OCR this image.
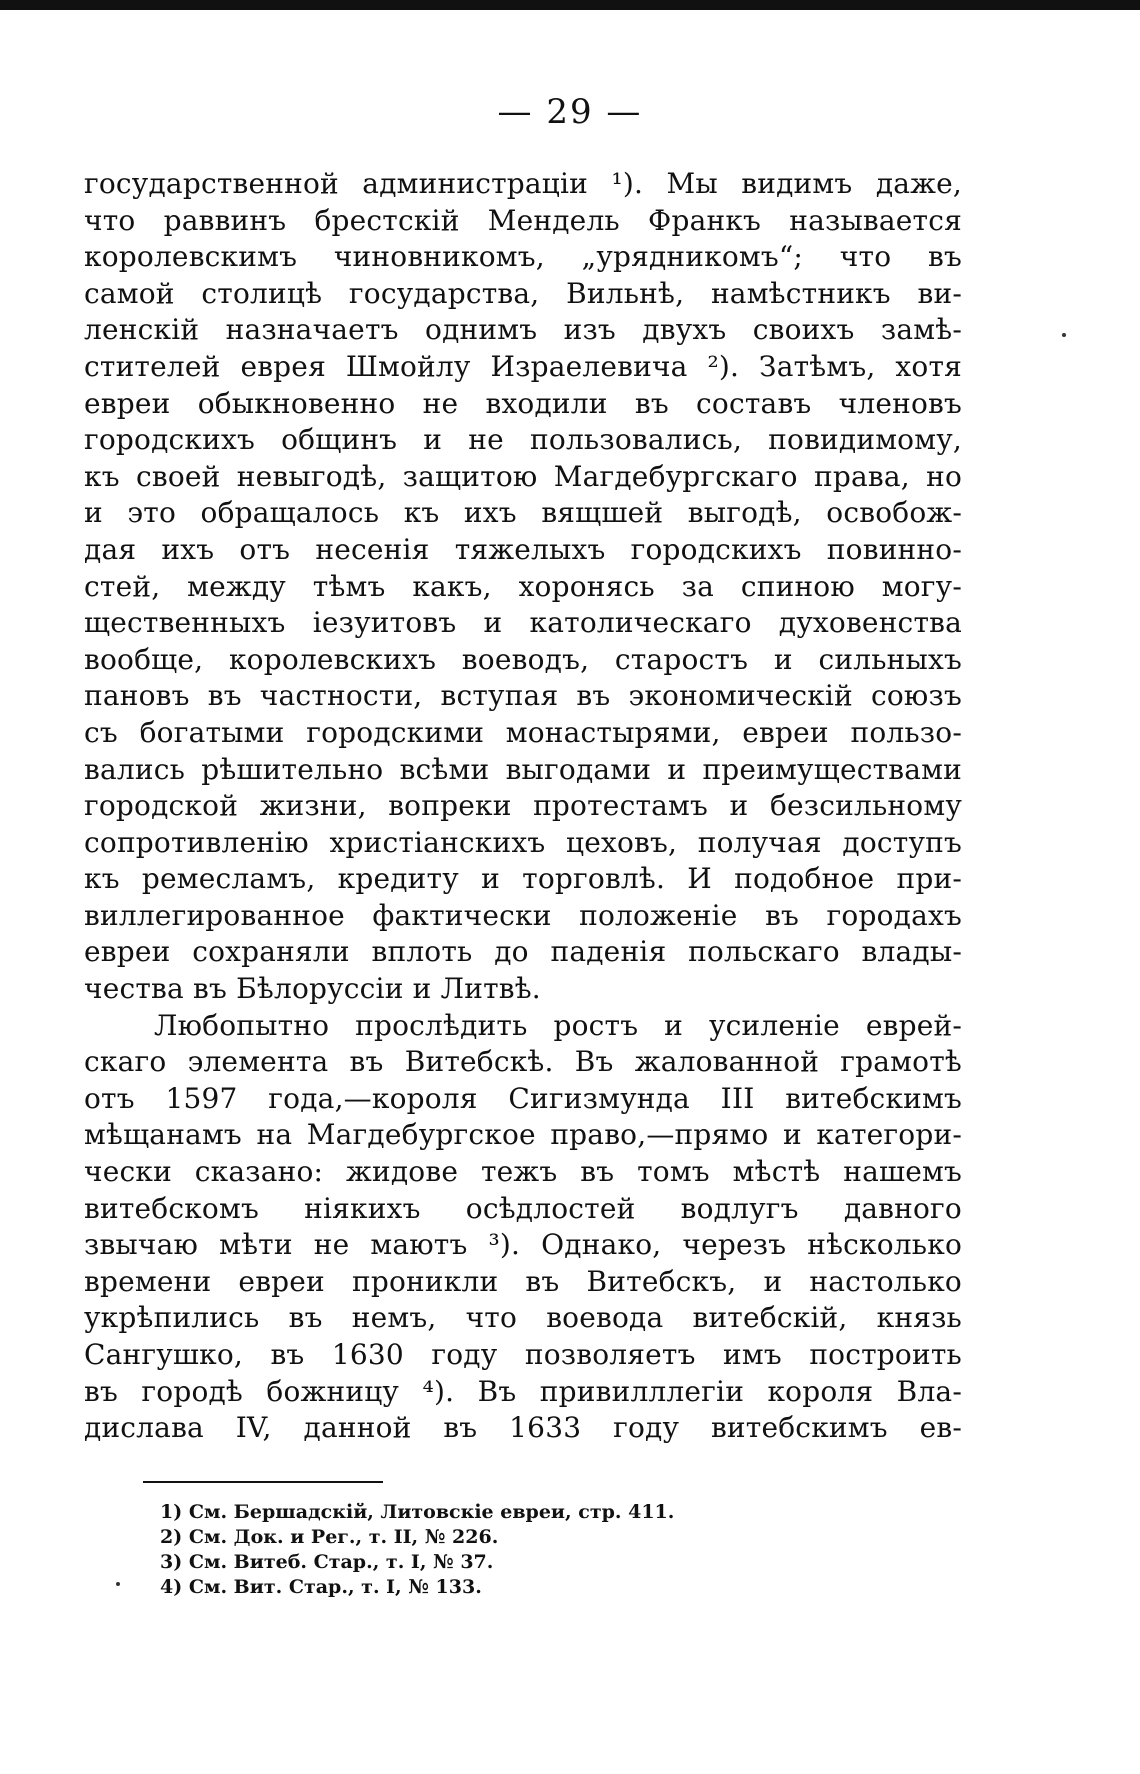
— 29 —
государственной администраціи ¹). Мы видимъ даже,
что раввинъ брестскій Мендель Франкъ называется
королевскимъ чиновникомъ, „урядникомъ“; что въ
самой столицѣ государства, Вильнѣ, намѣстникъ ви-
ленскій назначаетъ однимъ изъ двухъ своихъ замѣ-
стителей еврея Шмойлу Израелевича ²). Затѣмъ, хотя
евреи обыкновенно не входили въ составъ членовъ
городскихъ общинъ и не пользовались, повидимому,
къ своей невыгодѣ, защитою Магдебургскаго права, но
и это обращалось къ ихъ вящшей выгодѣ, освобож-
дая ихъ отъ несенія тяжелыхъ городскихъ повинно-
стей, между тѣмъ какъ, хоронясь за спиною могу-
щественныхъ іезуитовъ и католическаго духовенства
вообще, королевскихъ воеводъ, старостъ и сильныхъ
пановъ въ частности, вступая въ экономическій союзъ
съ богатыми городскими монастырями, евреи пользо-
вались рѣшительно всѣми выгодами и преимуществами
городской жизни, вопреки протестамъ и безсильному
сопротивленію христіанскихъ цеховъ, получая доступъ
къ ремесламъ, кредиту и торговлѣ. И подобное при-
виллегированное фактически положеніе въ городахъ
евреи сохраняли вплоть до паденія польскаго влады-
чества въ Бѣлоруссіи и Литвѣ.
Любопытно прослѣдить ростъ и усиленіе еврей-
скаго элемента въ Витебскѣ. Въ жалованной грамотѣ
отъ 1597 года,—короля Сигизмунда III витебскимъ
мѣщанамъ на Магдебургское право,—прямо и категори-
чески сказано: жидове тежъ въ томъ мѣстѣ нашемъ
витебскомъ ніякихъ осѣдлостей водлугъ давного
звычаю мѣти не маютъ ³). Однако, черезъ нѣсколько
времени евреи проникли въ Витебскъ, и настолько
укрѣпились въ немъ, что воевода витебскій, князь
Сангушко, въ 1630 году позволяетъ имъ построить
въ городѣ божницу ⁴). Въ привилллегіи короля Вла-
дислава IV, данной въ 1633 году витебскимъ ев-
1) См. Бершадскій, Литовскіе евреи, стр. 411.
2) См. Док. и Рег., т. II, № 226.
3) См. Витеб. Стар., т. I, № 37.
4) См. Вит. Стар., т. I, № 133.
